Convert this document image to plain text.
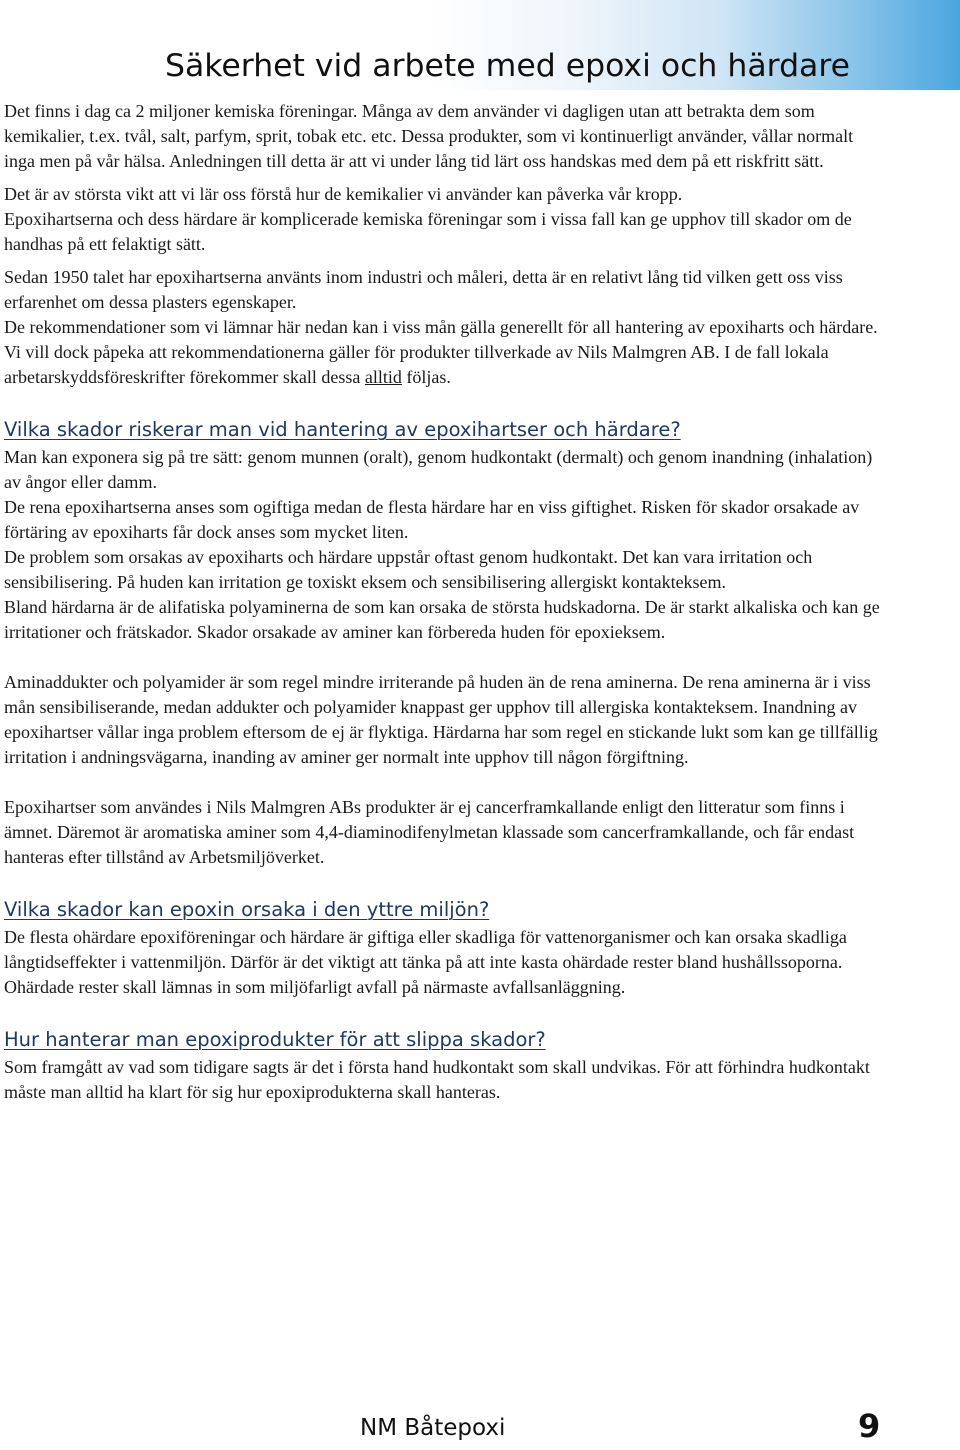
Säkerhet vid arbete med epoxi och härdare

Det finns i dag ca 2 miljoner kemiska föreningar. Många av dem använder vi dagligen utan att betrakta dem som kemikalier, t.ex. tvål, salt, parfym, sprit, tobak etc. etc. Dessa produkter, som vi kontinuerligt använder, vållar normalt inga men på vår hälsa. Anledningen till detta är att vi under lång tid lärt oss handskas med dem på ett riskfritt sätt.

Det är av största vikt att vi lär oss förstå hur de kemikalier vi använder kan påverka vår kropp.

Epoxihartserna och dess härdare är komplicerade kemiska föreningar som i vissa fall kan ge upphov till skador om de handhas på ett felaktigt sätt.

Sedan 1950 talet har epoxihartserna använts inom industri och måleri, detta är en relativt lång tid vilken gett oss viss erfarenhet om dessa plasters egenskaper.

De rekommendationer som vi lämnar här nedan kan i viss mån gälla generellt för all hantering av epoxiharts och härdare. Vi vill dock påpeka att rekommendationerna gäller för produkter tillverkade av Nils Malmgren AB. I de fall lokala arbetarskyddsföreskrifter förekommer skall dessa alltid följas.

Vilka skador riskerar man vid hantering av epoxihartser och härdare?

Man kan exponera sig på tre sätt: genom munnen (oralt), genom hudkontakt (dermalt) och genom inandning (inhalation) av ångor eller damm.

De rena epoxihartserna anses som ogiftiga medan de flesta härdare har en viss giftighet. Risken för skador orsakade av förtäring av epoxiharts får dock anses som mycket liten.

De problem som orsakas av epoxiharts och härdare uppstår oftast genom hudkontakt. Det kan vara irritation och sensibilisering. På huden kan irritation ge toxiskt eksem och sensibilisering allergiskt kontakteksem.

Bland härdarna är de alifatiska polyaminerna de som kan orsaka de största hudskadorna. De är starkt alkaliska och kan ge irritationer och frätskador. Skador orsakade av aminer kan förbereda huden för epoxieksem.

Aminaddukter och polyamider är som regel mindre irriterande på huden än de rena aminerna. De rena aminerna är i viss mån sensibiliserande, medan addukter och polyamider knappast ger upphov till allergiska kontakteksem. Inandning av epoxihartser vållar inga problem eftersom de ej är flyktiga. Härdarna har som regel en stickande lukt som kan ge tillfällig irritation i andningsvägarna, inanding av aminer ger normalt inte upphov till någon förgiftning.

Epoxihartser som användes i Nils Malmgren ABs produkter är ej cancerframkallande enligt den litteratur som finns i ämnet. Däremot är aromatiska aminer som 4,4-diaminodifenylmetan klassade som cancerframkallande, och får endast hanteras efter tillstånd av Arbetsmiljöverket.

Vilka skador kan epoxin orsaka i den yttre miljön?

De flesta ohärdare epoxiföreningar och härdare är giftiga eller skadliga för vattenorganismer och kan orsaka skadliga långtidseffekter i vattenmiljön. Därför är det viktigt att tänka på att inte kasta ohärdade rester bland hushållssoporna.

Ohärdade rester skall lämnas in som miljöfarligt avfall på närmaste avfallsanläggning.

Hur hanterar man epoxiprodukter för att slippa skador?

Som framgått av vad som tidigare sagts är det i första hand hudkontakt som skall undvikas. För att förhindra hudkontakt måste man alltid ha klart för sig hur epoxiprodukterna skall hanteras.

NM Båtepoxi	9
